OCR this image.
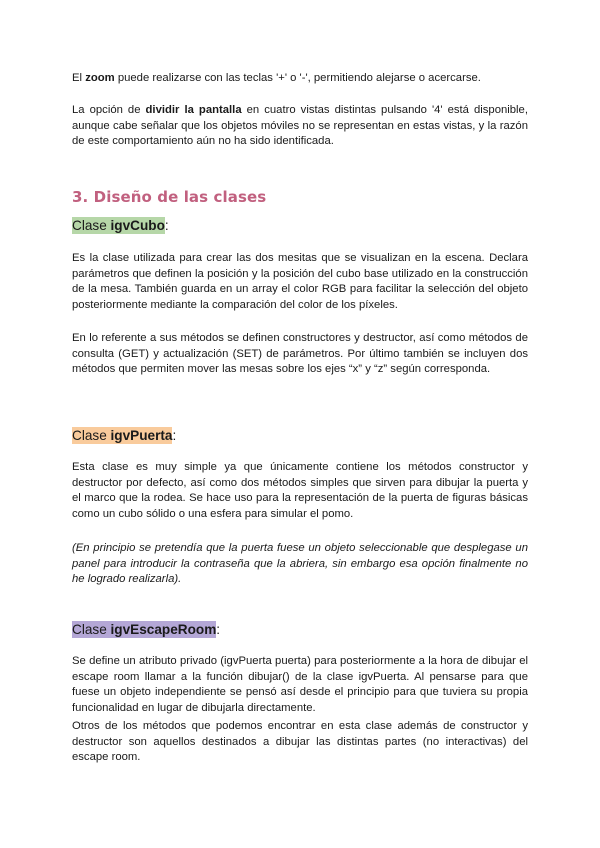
El zoom puede realizarse con las teclas '+' o '-', permitiendo alejarse o acercarse.

La opción de dividir la pantalla en cuatro vistas distintas pulsando '4' está disponible, aunque cabe señalar que los objetos móviles no se representan en estas vistas, y la razón de este comportamiento aún no ha sido identificada.

3. Diseño de las clases
Clase igvCubo:

Es la clase utilizada para crear las dos mesitas que se visualizan en la escena. Declara parámetros que definen la posición y la posición del cubo base utilizado en la construcción de la mesa. También guarda en un array el color RGB para facilitar la selección del objeto posteriormente mediante la comparación del color de los píxeles.

En lo referente a sus métodos se definen constructores y destructor, así como métodos de consulta (GET) y actualización (SET) de parámetros. Por último también se incluyen dos métodos que permiten mover las mesas sobre los ejes “x” y “z” según corresponda.

Clase igvPuerta:

Esta clase es muy simple ya que únicamente contiene los métodos constructor y destructor por defecto, así como dos métodos simples que sirven para dibujar la puerta y el marco que la rodea. Se hace uso para la representación de la puerta de figuras básicas como un cubo sólido o una esfera para simular el pomo.

(En principio se pretendía que la puerta fuese un objeto seleccionable que desplegase un panel para introducir la contraseña que la abriera, sin embargo esa opción finalmente no he logrado realizarla).

Clase igvEscapeRoom:

Se define un atributo privado (igvPuerta puerta) para posteriormente a la hora de dibujar el escape room llamar a la función dibujar() de la clase igvPuerta. Al pensarse para que fuese un objeto independiente se pensó así desde el principio para que tuviera su propia funcionalidad en lugar de dibujarla directamente.

Otros de los métodos que podemos encontrar en esta clase además de constructor y destructor son aquellos destinados a dibujar las distintas partes (no interactivas) del escape room.
